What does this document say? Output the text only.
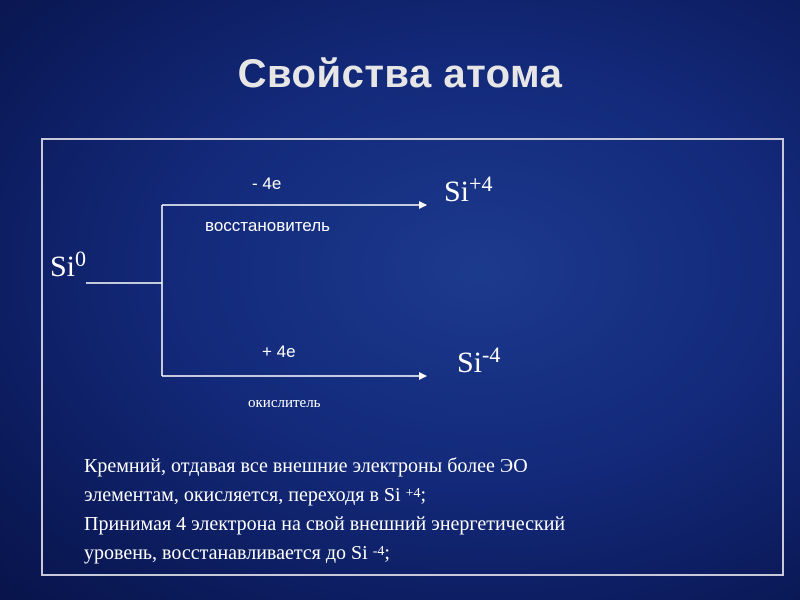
Свойства атома
Si$^0$
- 4е
восстановитель
$Si^{+4}$
+ 4е
окислитель
$Si^{-4}$
Кремний, отдавая все внешние электроны более ЭО
элементам, окисляется, переходя в Si $^{+4}$;
Принимая 4 электрона на свой внешний энергетический
уровень, восстанавливается до Si $^{-4}$;
